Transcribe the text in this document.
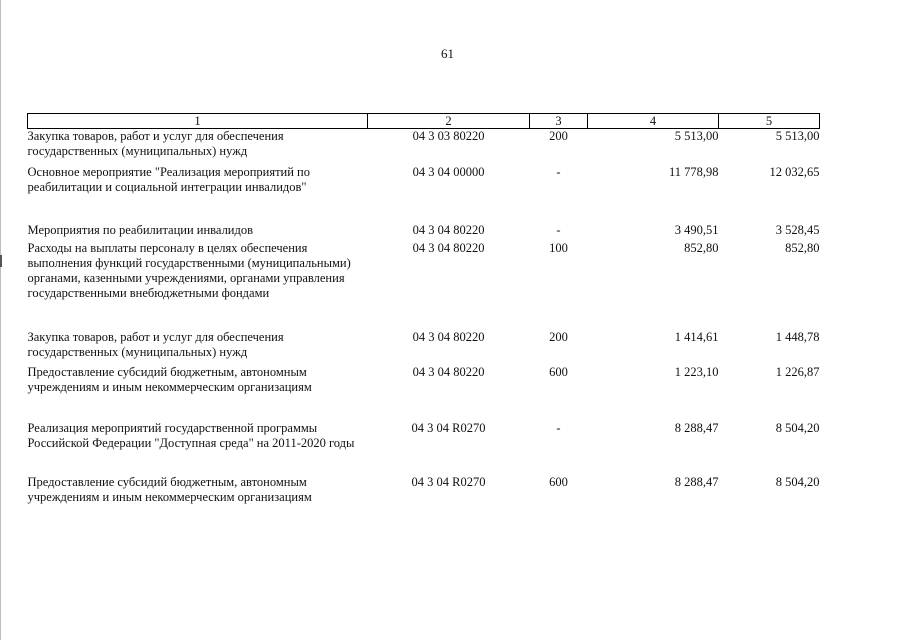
61
1	2	3	4	5
Закупка товаров, работ и услуг для обеспечения государственных (муниципальных) нужд	04 3 03 80220	200	5 513,00	5 513,00
Основное мероприятие "Реализация мероприятий по реабилитации и социальной интеграции инвалидов"	04 3 04 00000	-	11 778,98	12 032,65
Мероприятия по реабилитации инвалидов	04 3 04 80220	-	3 490,51	3 528,45
Расходы на выплаты персоналу в целях обеспечения выполнения функций государственными (муниципальными) органами, казенными учреждениями, органами управления государственными внебюджетными фондами	04 3 04 80220	100	852,80	852,80
Закупка товаров, работ и услуг для обеспечения государственных (муниципальных) нужд	04 3 04 80220	200	1 414,61	1 448,78
Предоставление субсидий бюджетным, автономным учреждениям и иным некоммерческим организациям	04 3 04 80220	600	1 223,10	1 226,87
Реализация мероприятий государственной программы Российской Федерации "Доступная среда" на 2011-2020 годы	04 3 04 R0270	-	8 288,47	8 504,20
Предоставление субсидий бюджетным, автономным учреждениям и иным некоммерческим организациям	04 3 04 R0270	600	8 288,47	8 504,20
